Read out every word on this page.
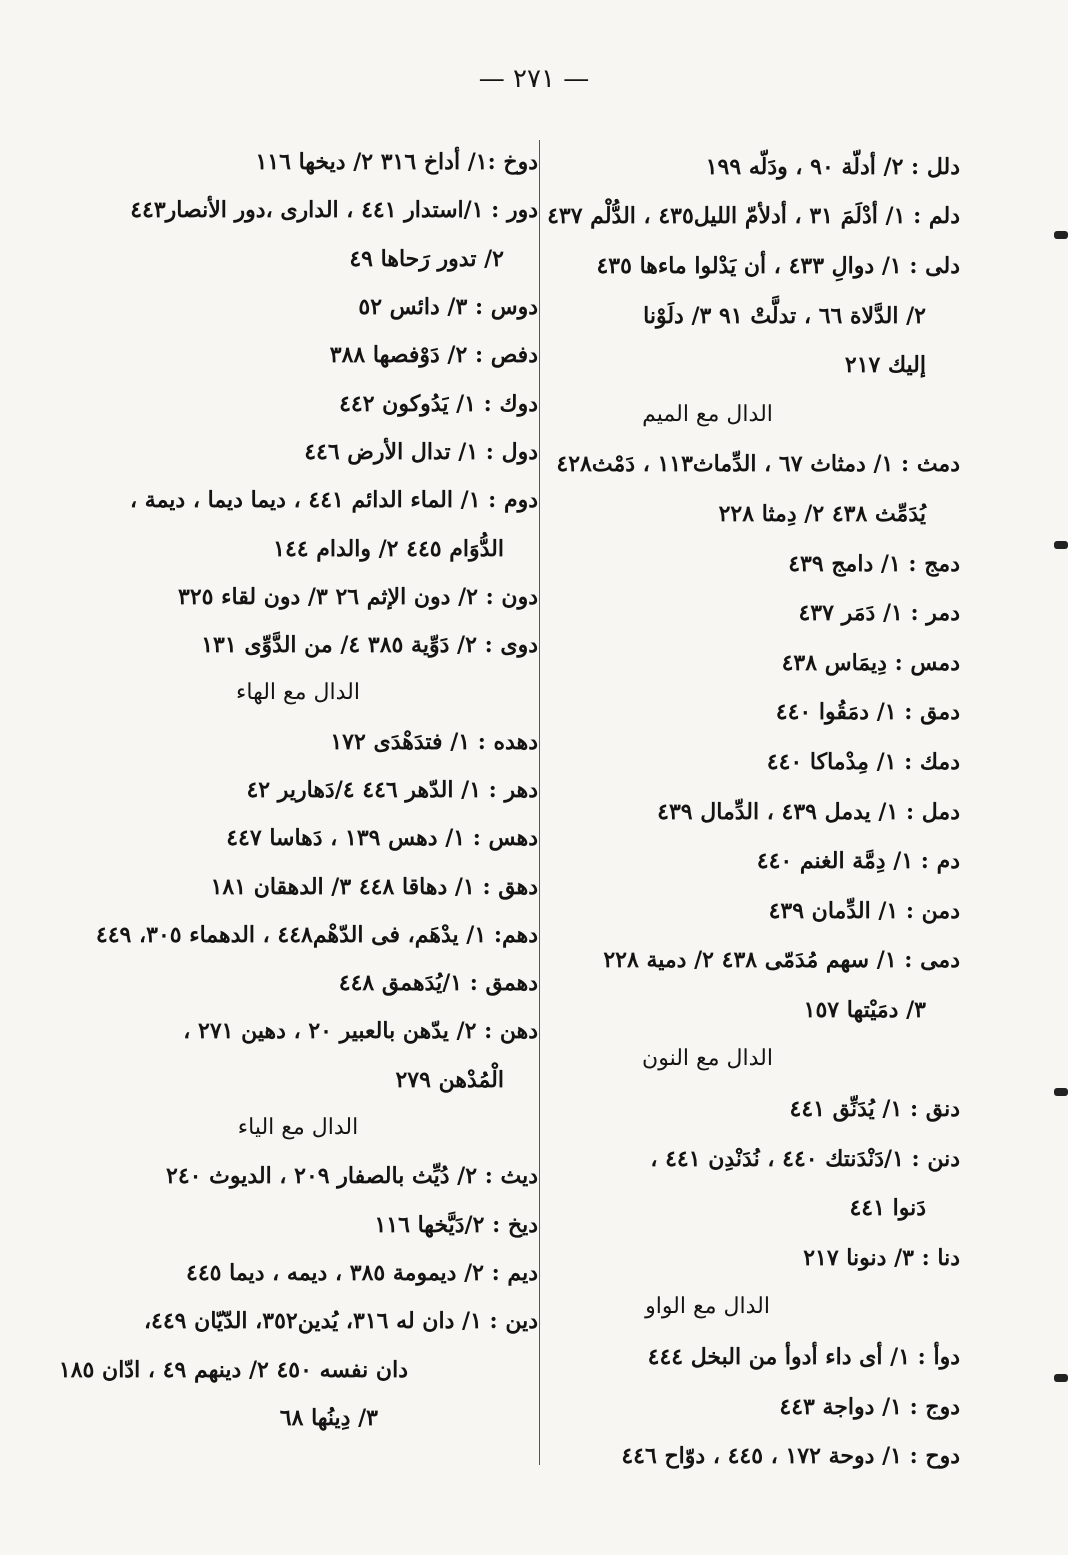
— ٢٧١ —
دلل : ٢/ أدلّة ٩٠ ، ودَلّه ١٩٩
دلم : ١/ أدْلَمَ ٣١ ، أدلأمّ الليل٤٣٥ ، الدُّلْم ٤٣٧
دلى : ١/ دوالِ ٤٣٣ ، أن يَدْلوا ماءها ٤٣٥
٢/ الدَّلاة ٦٦ ، تدلَّتْ ٩١ ٣/ دلَوْنا
إليك ٢١٧
الدال مع الميم
دمث : ١/ دمثاث ٦٧ ، الدِّماث١١٣ ، دَمْث٤٢٨
يُدَمِّث ٤٣٨ ٢/ دِمثا ٢٢٨
دمج : ١/ دامج ٤٣٩
دمر : ١/ دَمَر ٤٣٧
دمس : دِيمَاس ٤٣٨
دمق : ١/ دمَقُوا ٤٤٠
دمك : ١/ مِدْماكا ٤٤٠
دمل : ١/ يدمل ٤٣٩ ، الدِّمال ٤٣٩
دم : ١/ دِمَّة الغنم ٤٤٠
دمن : ١/ الدِّمان ٤٣٩
دمى : ١/ سهم مُدَمّى ٤٣٨ ٢/ دمية ٢٢٨
٣/ دمَيْتها ١٥٧
الدال مع النون
دنق : ١/ يُدَنِّق ٤٤١
دنن : ١/دَنْدَنتك ٤٤٠ ، نُدَنْدِن ٤٤١ ،
دَنوا ٤٤١
دنا : ٣/ دنونا ٢١٧
الدال مع الواو
دوأ : ١/ أى داء أدوأ من البخل ٤٤٤
دوج : ١/ دواجة ٤٤٣
دوح : ١/ دوحة ١٧٢ ، ٤٤٥ ، دوّاح ٤٤٦
دوخ :١/ أداخ ٣١٦ ٢/ ديخها ١١٦
دور : ١/استدار ٤٤١ ، الدارى ،دور الأنصار٤٤٣
٢/ تدور رَحاها ٤٩
دوس : ٣/ دائس ٥٢
دفص : ٢/ دَوْفصها ٣٨٨
دوك : ١/ يَدُوكون ٤٤٢
دول : ١/ تدال الأرض ٤٤٦
دوم : ١/ الماء الدائم ٤٤١ ، ديما ديما ، ديمة ،
الدُّوَام ٤٤٥ ٢/ والدام ١٤٤
دون : ٢/ دون الإثم ٢٦ ٣/ دون لقاء ٣٢٥
دوى : ٢/ دَوِّية ٣٨٥ ٤/ من الدَّوِّى ١٣١
الدال مع الهاء
دهده : ١/ فتدَهْدَى ١٧٢
دهر : ١/ الدّهر ٤٤٦ ٤/دَهارير ٤٢
دهس : ١/ دهس ١٣٩ ، دَهاسا ٤٤٧
دهق : ١/ دهاقا ٤٤٨ ٣/ الدهقان ١٨١
دهم: ١/ يدْهَم، فى الدّهْم٤٤٨ ، الدهماء ٣٠٥، ٤٤٩
دهمق : ١/يُدَهمق ٤٤٨
دهن : ٢/ يدّهن بالعبير ٢٠ ، دهين ٢٧١ ،
الْمُدْهن ٢٧٩
الدال مع الياء
ديث : ٢/ دُيِّث بالصفار ٢٠٩ ، الديوث ٢٤٠
ديخ : ٢/دَيَّخها ١١٦
ديم : ٢/ ديمومة ٣٨٥ ، ديمه ، ديما ٤٤٥
دين : ١/ دان له ٣١٦، يُدين٣٥٢، الدّيّان ٤٤٩،
دان نفسه ٤٥٠ ٢/ دينهم ٤٩ ، ادّان ١٨٥
٣/ دِينُها ٦٨
